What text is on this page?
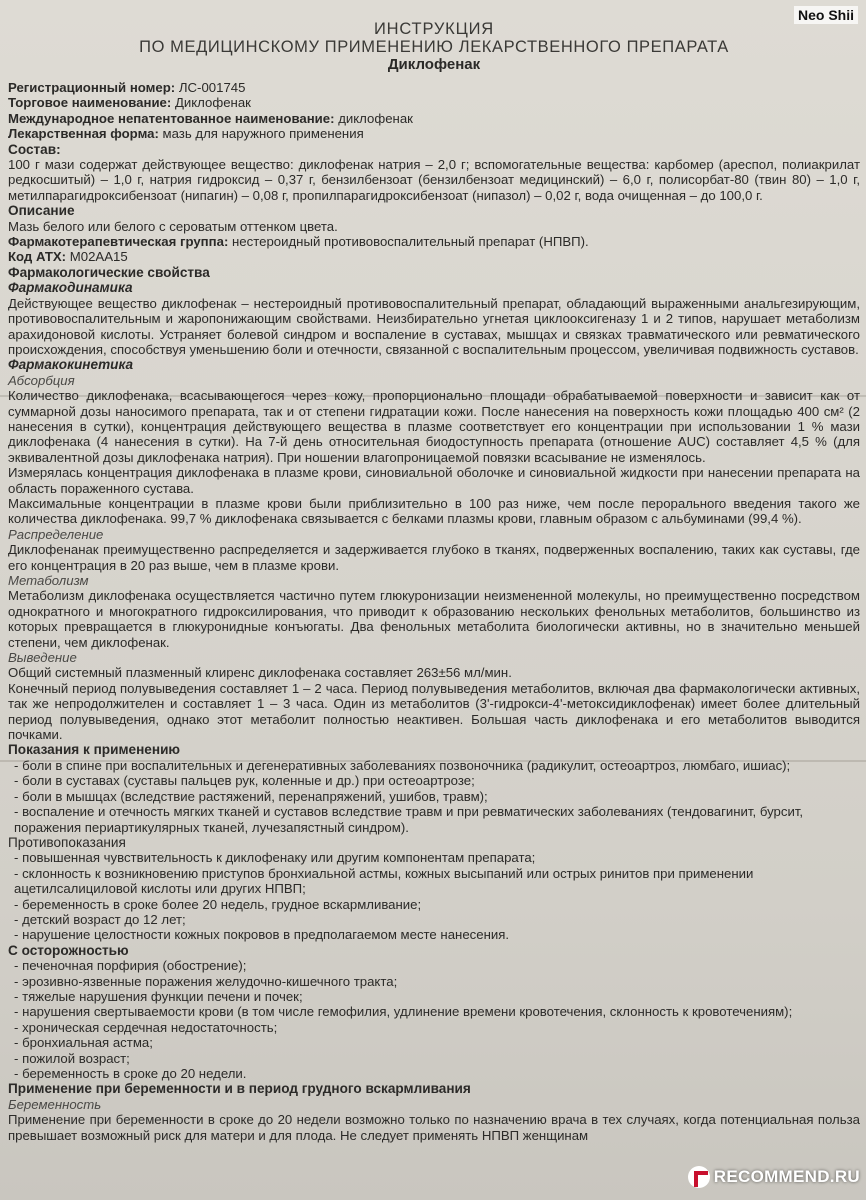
Neo Shii
ИНСТРУКЦИЯ
ПО МЕДИЦИНСКОМУ ПРИМЕНЕНИЮ ЛЕКАРСТВЕННОГО ПРЕПАРАТА
Диклофенак
Регистрационный номер: ЛС-001745
Торговое наименование: Диклофенак
Международное непатентованное наименование: диклофенак
Лекарственная форма: мазь для наружного применения
Состав:

100 г мази содержат действующее вещество: диклофенак натрия – 2,0 г; вспомогательные вещества: карбомер (ареспол, полиакрилат редкосшитый) – 1,0 г, натрия гидроксид – 0,37 г, бензилбензоат (бензилбензоат медицинский) – 6,0 г, полисорбат-80 (твин 80) – 1,0 г, метилпарагидроксибензоат (нипагин) – 0,08 г, пропилпарагидроксибензоат (нипазол) – 0,02 г, вода очищенная – до 100,0 г.

Описание

Мазь белого или белого с сероватым оттенком цвета.

Фармакотерапевтическая группа: нестероидный противовоспалительный препарат (НПВП).
Код АТХ: M02AA15
Фармакологические свойства
Фармакодинамика

Действующее вещество диклофенак – нестероидный противовоспалительный препарат, обладающий выраженными анальгезирующим, противовоспалительным и жаропонижающим свойствами. Неизбирательно угнетая циклооксигеназу 1 и 2 типов, нарушает метаболизм арахидоновой кислоты. Устраняет болевой синдром и воспаление в суставах, мышцах и связках травматического или ревматического происхождения, способствуя уменьшению боли и отечности, связанной с воспалительным процессом, увеличивая подвижность суставов.

Фармакокинетика
Абсорбция

Количество диклофенака, всасывающегося через кожу, пропорционально площади обрабатываемой поверхности и зависит как от суммарной дозы наносимого препарата, так и от степени гидратации кожи. После нанесения на поверхность кожи площадью 400 см² (2 нанесения в сутки), концентрация действующего вещества в плазме соответствует его концентрации при использовании 1 % мази диклофенака (4 нанесения в сутки). На 7-й день относительная биодоступность препарата (отношение AUC) составляет 4,5 % (для эквивалентной дозы диклофенака натрия). При ношении влагопроницаемой повязки всасывание не изменялось.

Измерялась концентрация диклофенака в плазме крови, синовиальной оболочке и синовиальной жидкости при нанесении препарата на область пораженного сустава.

Максимальные концентрации в плазме крови были приблизительно в 100 раз ниже, чем после перорального введения такого же количества диклофенака. 99,7 % диклофенака связывается с белками плазмы крови, главным образом с альбуминами (99,4 %).

Распределение

Диклофенанак преимущественно распределяется и задерживается глубоко в тканях, подверженных воспалению, таких как суставы, где его концентрация в 20 раз выше, чем в плазме крови.

Метаболизм

Метаболизм диклофенака осуществляется частично путем глюкуронизации неизмененной молекулы, но преимущественно посредством однократного и многократного гидроксилирования, что приводит к образованию нескольких фенольных метаболитов, большинство из которых превращается в глюкуронидные конъюгаты. Два фенольных метаболита биологически активны, но в значительно меньшей степени, чем диклофенак.

Выведение

Общий системный плазменный клиренс диклофенака составляет 263±56 мл/мин.

Конечный период полувыведения составляет 1 – 2 часа. Период полувыведения метаболитов, включая два фармакологически активных, так же непродолжителен и составляет 1 – 3 часа. Один из метаболитов (3'-гидрокси-4'-метоксидиклофенак) имеет более длительный период полувыведения, однако этот метаболит полностью неактивен. Большая часть диклофенака и его метаболитов выводится почками.

Показания к применению
- боли в спине при воспалительных и дегенеративных заболеваниях позвоночника (радикулит, остеоартроз, люмбаго, ишиас);
- боли в суставах (суставы пальцев рук, коленные и др.) при остеоартрозе;
- боли в мышцах (вследствие растяжений, перенапряжений, ушибов, травм);
- воспаление и отечность мягких тканей и суставов вследствие травм и при ревматических заболеваниях (тендовагинит, бурсит, поражения периартикулярных тканей, лучезапястный синдром).
Противопоказания
- повышенная чувствительность к диклофенаку или другим компонентам препарата;
- склонность к возникновению приступов бронхиальной астмы, кожных высыпаний или острых ринитов при применении ацетилсалициловой кислоты или других НПВП;
- беременность в сроке более 20 недель, грудное вскармливание;
- детский возраст до 12 лет;
- нарушение целостности кожных покровов в предполагаемом месте нанесения.
С осторожностью
- печеночная порфирия (обострение);
- эрозивно-язвенные поражения желудочно-кишечного тракта;
- тяжелые нарушения функции печени и почек;
- нарушения свертываемости крови (в том числе гемофилия, удлинение времени кровотечения, склонность к кровотечениям);
- хроническая сердечная недостаточность;
- бронхиальная астма;
- пожилой возраст;
- беременность в сроке до 20 недели.
Применение при беременности и в период грудного вскармливания
Беременность

Применение при беременности в сроке до 20 недели возможно только по назначению врача в тех случаях, когда потенциальная польза превышает возможный риск для матери и для плода. Не следует применять НПВП женщинам

RECOMMEND.RU
